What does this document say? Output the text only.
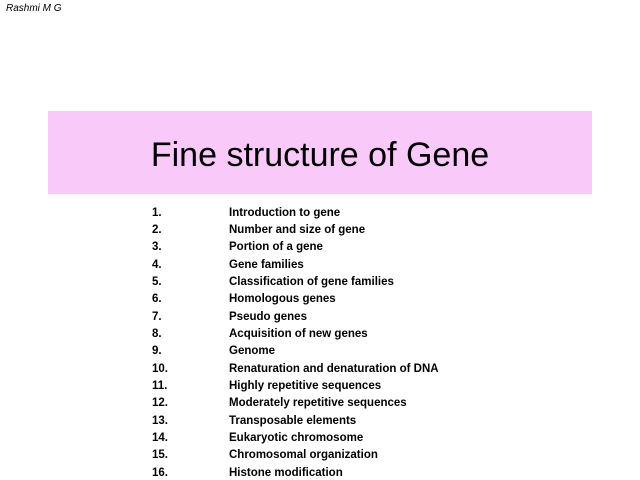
Rashmi M G
Fine structure of Gene
1.	Introduction to gene
2.	Number and size of gene
3.	Portion of a gene
4.	Gene families
5.	Classification of gene families
6.	Homologous genes
7.	Pseudo genes
8.	Acquisition of new genes
9.	Genome
10.	Renaturation and denaturation of DNA
11.	Highly repetitive sequences
12.	Moderately repetitive sequences
13.	Transposable elements
14.	Eukaryotic chromosome
15.	Chromosomal organization
16.	Histone modification
